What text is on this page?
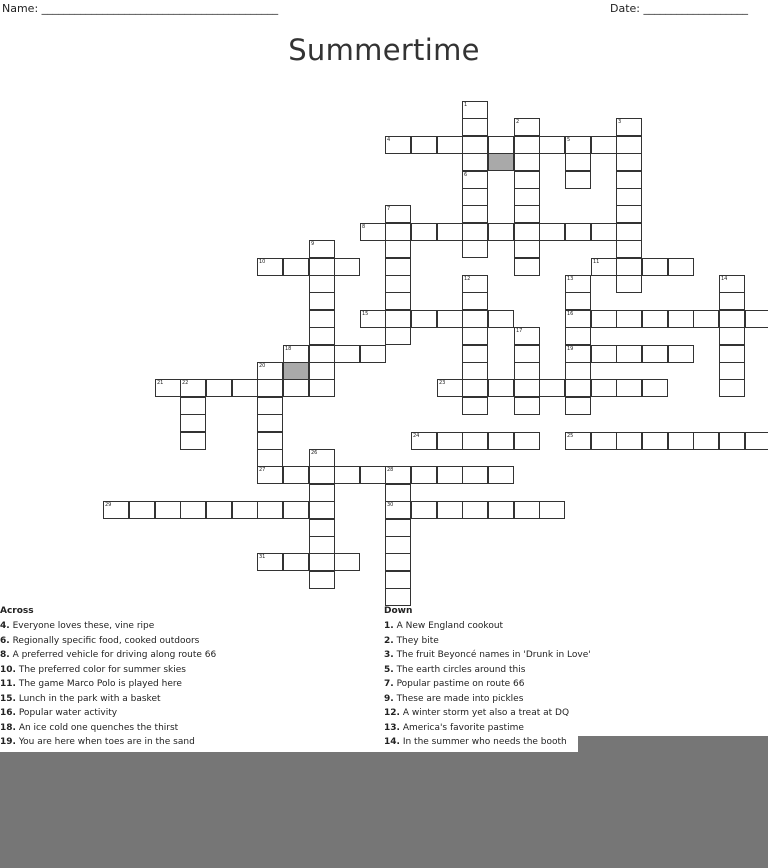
Name: ___________________________________________	Date: ___________________
Summertime
1
2	3
4	5
6
7
8
9
10	11
12	13	14
15	16
17
18	19
20
21	22	23
24	25
26
27	28
29	30
31
Across	Down
4. Everyone loves these, vine ripe
6. Regionally specific food, cooked outdoors
8. A preferred vehicle for driving along route 66
10. The preferred color for summer skies
11. The game Marco Polo is played here
15. Lunch in the park with a basket
16. Popular water activity
18. An ice cold one quenches the thirst
19. You are here when toes are in the sand
1. A New England cookout
2. They bite
3. The fruit Beyoncé names in 'Drunk in Love'
5. The earth circles around this
7. Popular pastime on route 66
9. These are made into pickles
12. A winter storm yet also a treat at DQ
13. America's favorite pastime
14. In the summer who needs the booth
